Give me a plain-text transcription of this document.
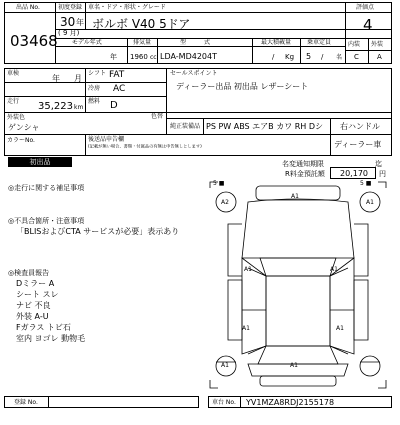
出品 No.
03468
初度登録 車名・ドア・形状・グレード	評価点
30 年
( 9 月)
ボルボ V40 5ドア	4
内装 外装
C	A
モデル年式	排気量	型　　　式	最大積載量	乗車定員
年 1960 cc LDA-MD4204T	/ Kg 5 / 名
車検
年 月
シフト FAT
冷房 AC
走行 35,223 km
燃料 D
セールスポイント
ディーラー出品 初出品 レザーシート
外装色
ゲンシャ
色替
純正装備品 PS PW ABS エアB カワ RH Dシ 右ハンドル
ディーラー車
カラーNo.	後送品申告欄
(記載が無い場合、書類・付属品の有無は申告無しとします)
初出品	名変通知期限	迄
R料金預託額 20,170 円
◎走行に関する補足事項
◎不具合箇所・注意事項
「BLISおよびCTA サービスが必要」表示あり
◎検査員報告
Dミラー A
シート スレ
ナビ 不良
外装 A-U
Fガラス トビ石
室内 ヨゴレ 動物毛
5 ■	5 ■
A2
A1
A1
A1	A1
A1	A1
A1	A1
登録 No.	車台 No. YV1MZA8RDJ2155178
